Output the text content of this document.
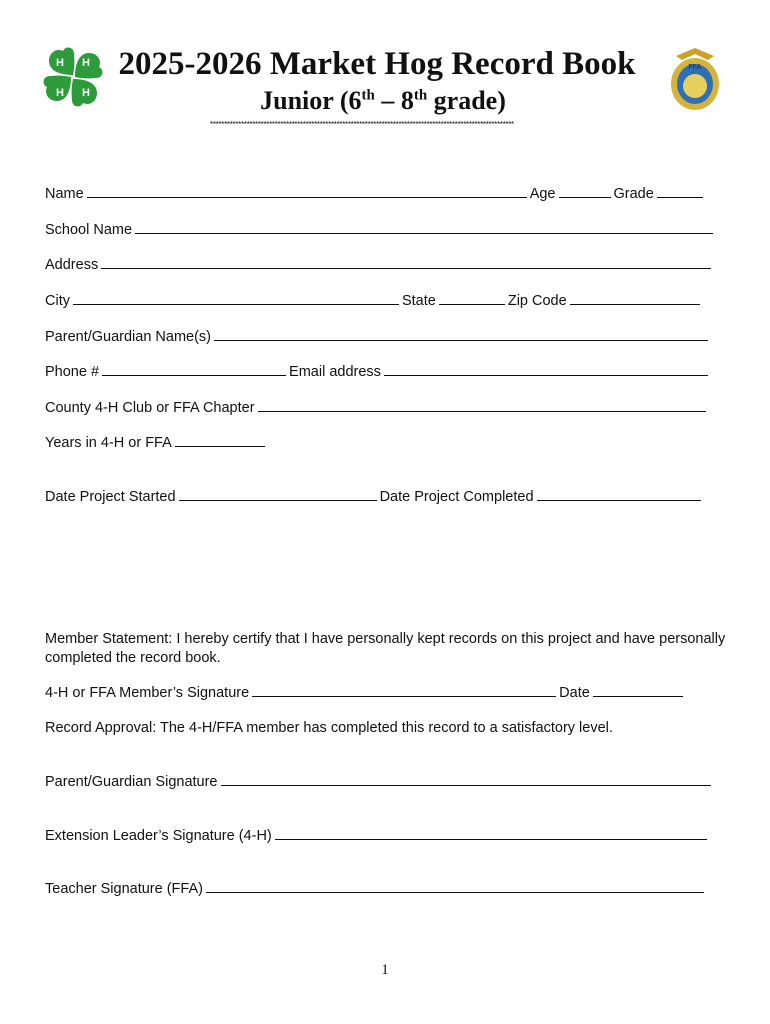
H H
H H
FFA
2025-2026 Market Hog Record Book
Junior (6th – 8th grade)
************************************************************************************************************
Name	Age	Grade
School Name
Address
City	State	Zip Code
Parent/Guardian Name(s)
Phone #	Email address
County 4-H Club or FFA Chapter
Years in 4-H or FFA
Date Project Started	Date Project Completed
Member Statement: I hereby certify that I have personally kept records on this project and have personally completed the record book.
4-H or FFA Member’s Signature	Date
Record Approval: The 4-H/FFA member has completed this record to a satisfactory level.
Parent/Guardian Signature
Extension Leader’s Signature (4-H)
Teacher Signature (FFA)
1
